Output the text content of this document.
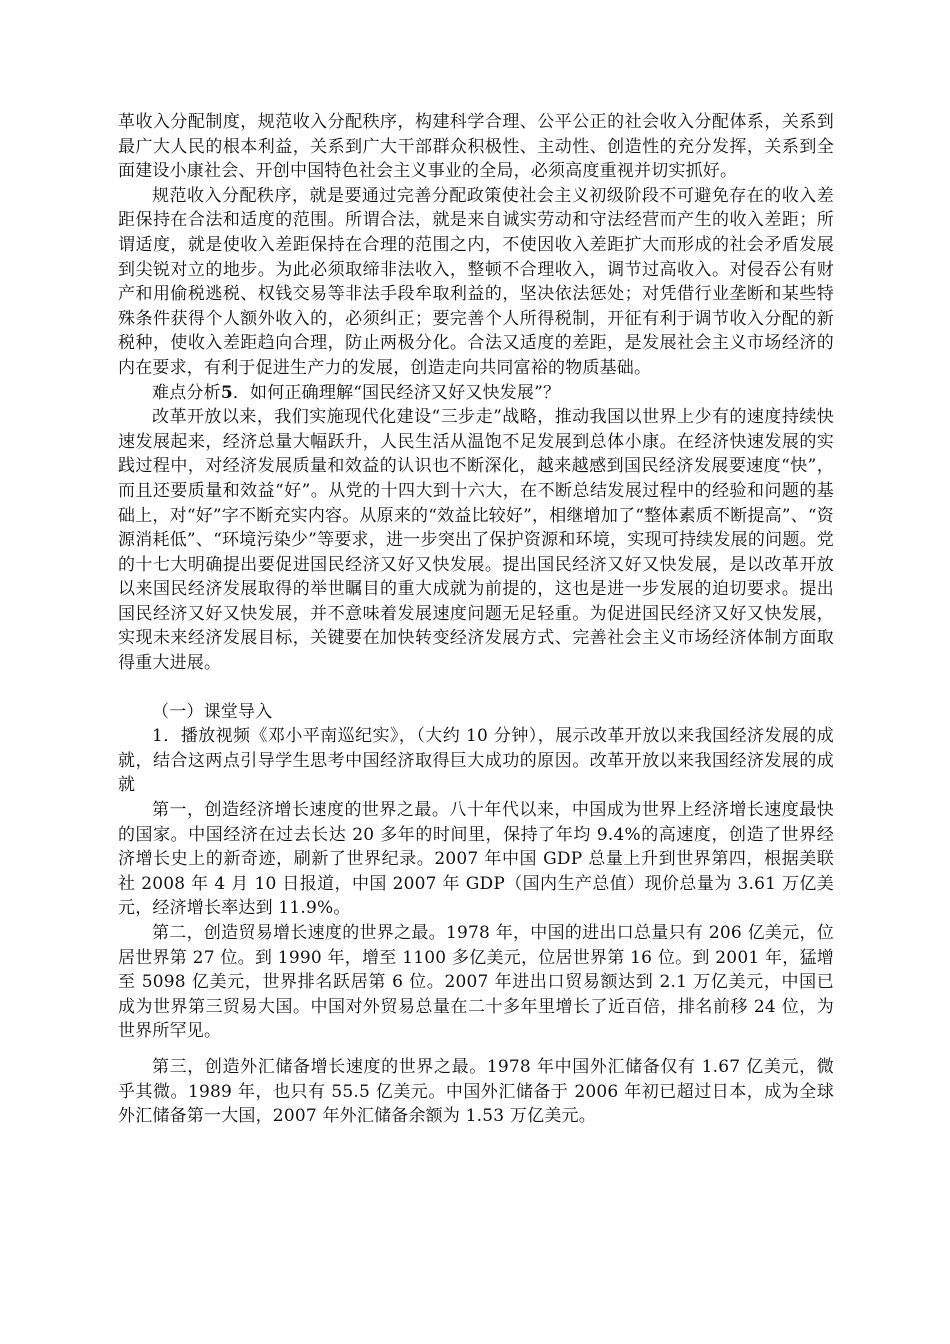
革收入分配制度，规范收入分配秩序，构建科学合理、公平公正的社会收入分配体系，关系到最广大人民的根本利益，关系到广大干部群众积极性、主动性、创造性的充分发挥，关系到全面建设小康社会、开创中国特色社会主义事业的全局，必须高度重视并切实抓好。

规范收入分配秩序，就是要通过完善分配政策使社会主义初级阶段不可避免存在的收入差距保持在合法和适度的范围。所谓合法，就是来自诚实劳动和守法经营而产生的收入差距；所谓适度，就是使收入差距保持在合理的范围之内，不使因收入差距扩大而形成的社会矛盾发展到尖锐对立的地步。为此必须取缔非法收入，整顿不合理收入，调节过高收入。对侵吞公有财产和用偷税逃税、权钱交易等非法手段牟取利益的，坚决依法惩处；对凭借行业垄断和某些特殊条件获得个人额外收入的，必须纠正；要完善个人所得税制，开征有利于调节收入分配的新税种，使收入差距趋向合理，防止两极分化。合法又适度的差距，是发展社会主义市场经济的内在要求，有利于促进生产力的发展，创造走向共同富裕的物质基础。

难点分析5．如何正确理解“国民经济又好又快发展”？

改革开放以来，我们实施现代化建设“三步走”战略，推动我国以世界上少有的速度持续快速发展起来，经济总量大幅跃升，人民生活从温饱不足发展到总体小康。在经济快速发展的实践过程中，对经济发展质量和效益的认识也不断深化，越来越感到国民经济发展要速度“快”，而且还要质量和效益“好”。从党的十四大到十六大，在不断总结发展过程中的经验和问题的基础上，对“好”字不断充实内容。从原来的“效益比较好”，相继增加了“整体素质不断提高”、“资源消耗低”、“环境污染少”等要求，进一步突出了保护资源和环境，实现可持续发展的问题。党的十七大明确提出要促进国民经济又好又快发展。提出国民经济又好又快发展，是以改革开放以来国民经济发展取得的举世瞩目的重大成就为前提的，这也是进一步发展的迫切要求。提出国民经济又好又快发展，并不意味着发展速度问题无足轻重。为促进国民经济又好又快发展，实现未来经济发展目标，关键要在加快转变经济发展方式、完善社会主义市场经济体制方面取得重大进展。

（一）课堂导入

1．播放视频《邓小平南巡纪实》，（大约 10 分钟），展示改革开放以来我国经济发展的成就，结合这两点引导学生思考中国经济取得巨大成功的原因。改革开放以来我国经济发展的成就

第一，创造经济增长速度的世界之最。八十年代以来，中国成为世界上经济增长速度最快的国家。中国经济在过去长达 20 多年的时间里，保持了年均 9.4%的高速度，创造了世界经济增长史上的新奇迹，刷新了世界纪录。2007 年中国 GDP 总量上升到世界第四，根据美联社 2008 年 4 月 10 日报道，中国 2007 年 GDP（国内生产总值）现价总量为 3.61 万亿美元，经济增长率达到 11.9%。

第二，创造贸易增长速度的世界之最。1978 年，中国的进出口总量只有 206 亿美元，位居世界第 27 位。到 1990 年，增至 1100 多亿美元，位居世界第 16 位。到 2001 年，猛增至 5098 亿美元，世界排名跃居第 6 位。2007 年进出口贸易额达到 2.1 万亿美元，中国已成为世界第三贸易大国。中国对外贸易总量在二十多年里增长了近百倍，排名前移 24 位，为世界所罕见。

第三，创造外汇储备增长速度的世界之最。1978 年中国外汇储备仅有 1.67 亿美元，微乎其微。1989 年，也只有 55.5 亿美元。中国外汇储备于 2006 年初已超过日本，成为全球外汇储备第一大国，2007 年外汇储备余额为 1.53 万亿美元。
